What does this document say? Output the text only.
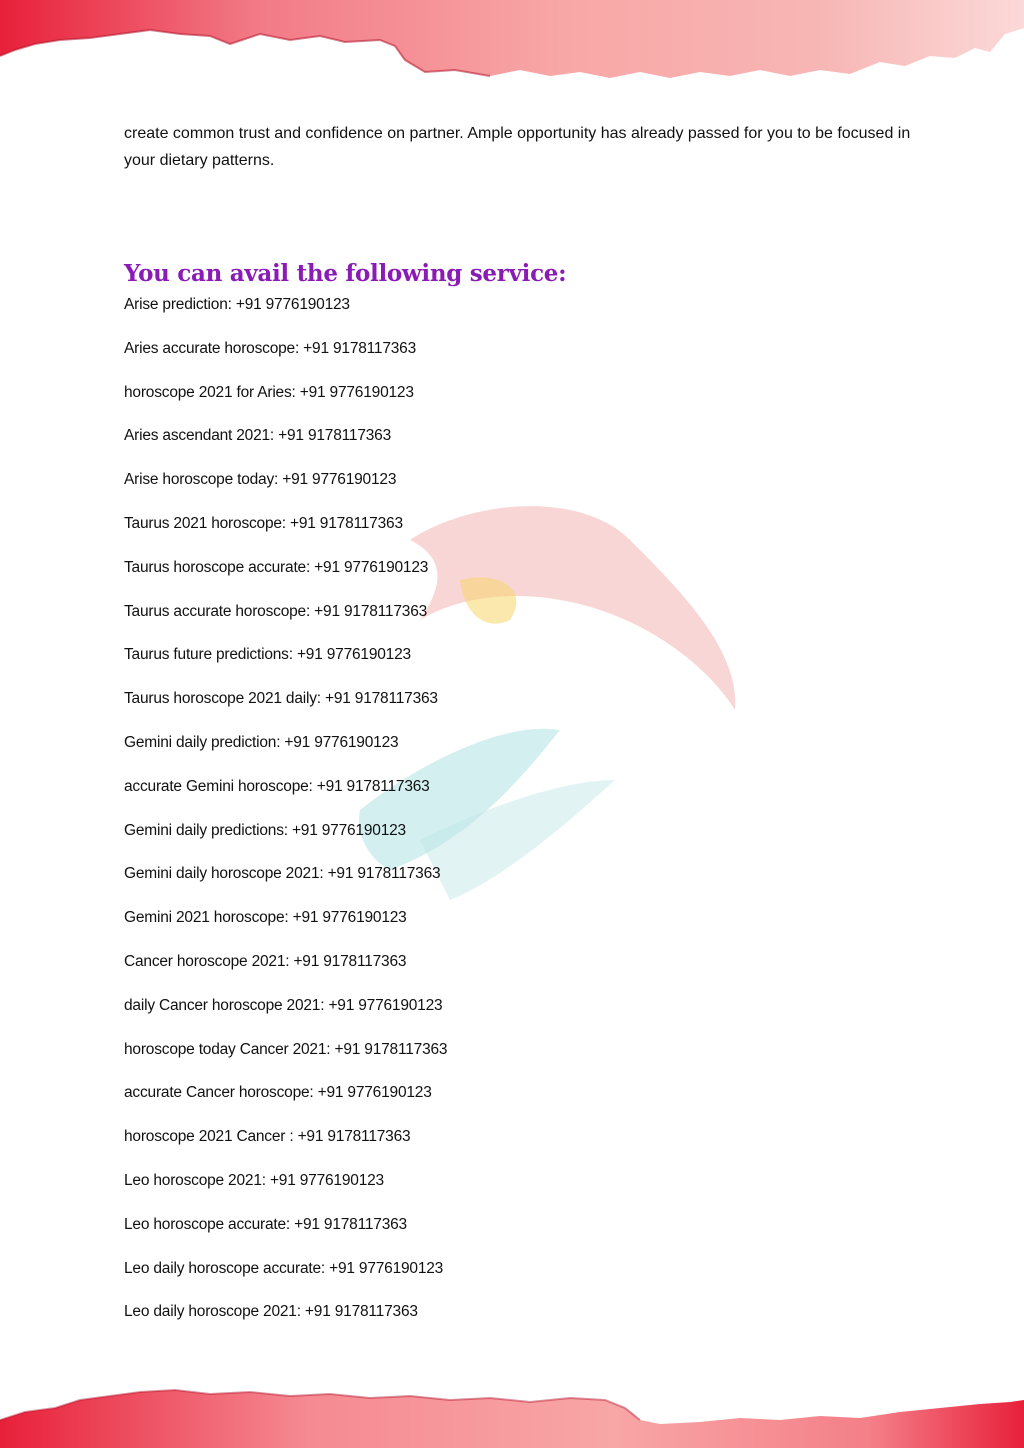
create common trust and confidence on partner. Ample opportunity has already passed for you to be focused in your dietary patterns.

You can avail the following service:
Arise prediction: +91 9776190123
Aries accurate horoscope: +91 9178117363
horoscope 2021 for Aries: +91 9776190123
Aries ascendant 2021: +91 9178117363
Arise horoscope today: +91 9776190123
Taurus 2021 horoscope: +91 9178117363
Taurus horoscope accurate: +91 9776190123
Taurus accurate horoscope: +91 9178117363
Taurus future predictions: +91 9776190123
Taurus horoscope 2021 daily: +91 9178117363
Gemini daily prediction: +91 9776190123
accurate Gemini horoscope: +91 9178117363
Gemini daily predictions: +91 9776190123
Gemini daily horoscope 2021: +91 9178117363
Gemini 2021 horoscope: +91 9776190123
Cancer horoscope 2021: +91 9178117363
daily Cancer horoscope 2021: +91 9776190123
horoscope today Cancer 2021: +91 9178117363
accurate Cancer horoscope: +91 9776190123
horoscope 2021 Cancer : +91 9178117363
Leo horoscope 2021: +91 9776190123
Leo horoscope accurate: +91 9178117363
Leo daily horoscope accurate: +91 9776190123
Leo daily horoscope 2021: +91 9178117363
